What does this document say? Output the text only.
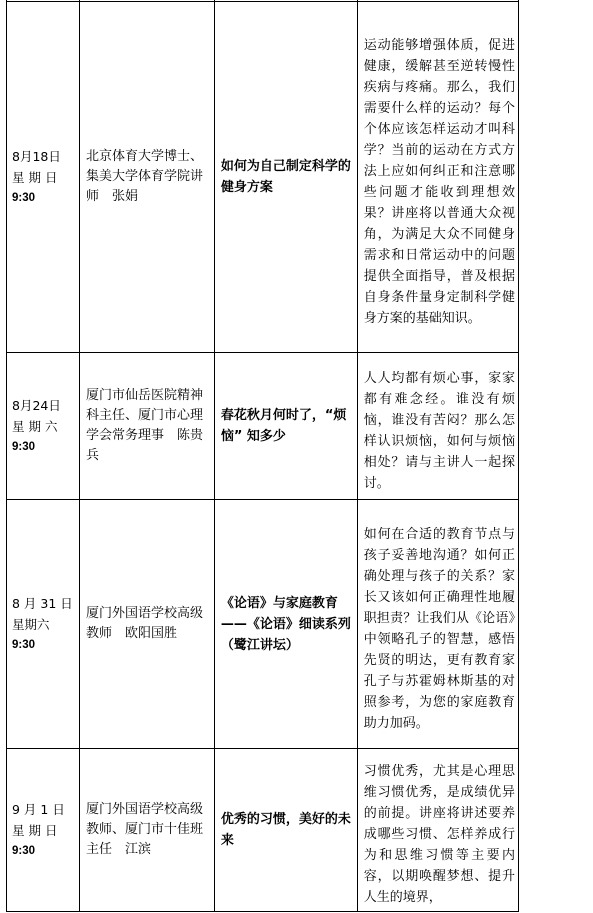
8月18日
星 期 日
9:30	北京体育大学博士、集美大学体育学院讲师　张娟	如何为自己制定科学的健身方案	运动能够增强体质，促进健康，缓解甚至逆转慢性疾病与疼痛。那么，我们需要什么样的运动？每个个体应该怎样运动才叫科学？当前的运动在方式方法上应如何纠正和注意哪些问题才能收到理想效果？讲座将以普通大众视角，为满足大众不同健身需求和日常运动中的问题提供全面指导，普及根据自身条件量身定制科学健身方案的基础知识。

8月24日
星 期 六
9:30	厦门市仙岳医院精神科主任、厦门市心理学会常务理事　陈贵兵	春花秋月何时了，“烦恼” 知多少	人人均都有烦心事，家家都有难念经。谁没有烦恼，谁没有苦闷？那么怎样认识烦恼，如何与烦恼相处？请与主讲人一起探讨。

8 月 31 日
星期六
9:30	厦门外国语学校高级教师　欧阳国胜	《论语》与家庭教育——《论语》细读系列（鹭江讲坛）	如何在合适的教育节点与孩子妥善地沟通？如何正确处理与孩子的关系？家长又该如何正确理性地履职担责？让我们从《论语》中领略孔子的智慧，感悟先贤的明达，更有教育家孔子与苏霍姆林斯基的对照参考，为您的家庭教育助力加码。

9 月 1 日
星 期 日
9:30	厦门外国语学校高级教师、厦门市十佳班主任　江滨	优秀的习惯，美好的未来	习惯优秀，尤其是心理思维习惯优秀，是成绩优异的前提。讲座将讲述要养成哪些习惯、怎样养成行为和思维习惯等主要内容，以期唤醒梦想、提升人生的境界，
